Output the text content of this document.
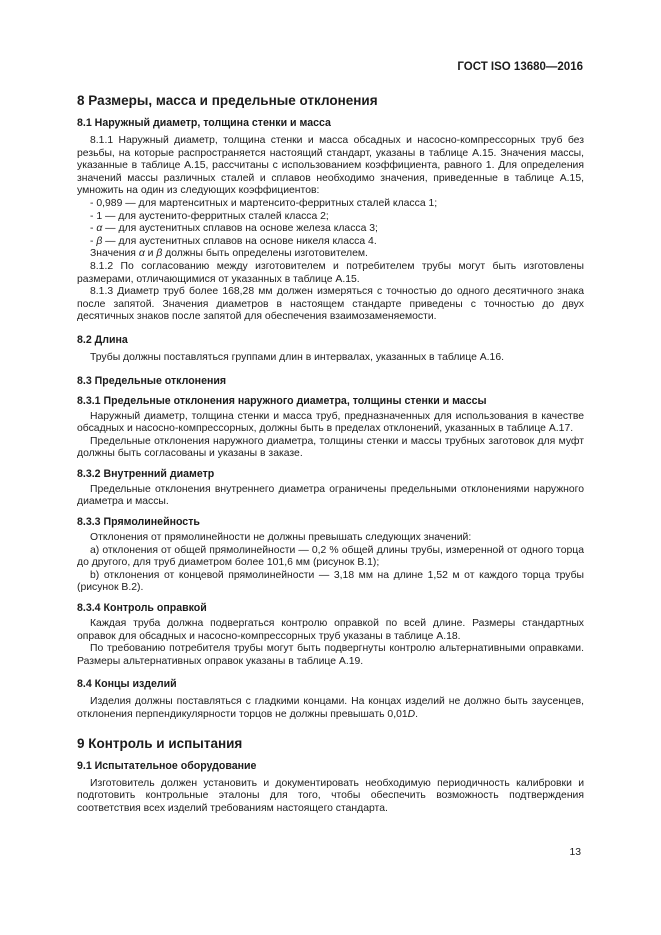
ГОСТ ISO 13680—2016
8 Размеры, масса и предельные отклонения
8.1 Наружный диаметр, толщина стенки и масса

8.1.1 Наружный диаметр, толщина стенки и масса обсадных и насосно-компрессорных труб без резьбы, на которые распространяется настоящий стандарт, указаны в таблице А.15. Значения массы, указанные в таблице А.15, рассчитаны с использованием коэффициента, равного 1. Для определения значений массы различных сталей и сплавов необходимо значения, приведенные в таблице А.15, умножить на один из следующих коэффициентов:

- 0,989 — для мартенситных и мартенсито-ферритных сталей класса 1;

- 1 — для аустенито-ферритных сталей класса 2;

- α — для аустенитных сплавов на основе железа класса 3;

- β — для аустенитных сплавов на основе никеля класса 4.

Значения α и β должны быть определены изготовителем.

8.1.2 По согласованию между изготовителем и потребителем трубы могут быть изготовлены размерами, отличающимися от указанных в таблице А.15.

8.1.3 Диаметр труб более 168,28 мм должен измеряться с точностью до одного десятичного знака после запятой. Значения диаметров в настоящем стандарте приведены с точностью до двух десятичных знаков после запятой для обеспечения взаимозаменяемости.

8.2 Длина

Трубы должны поставляться группами длин в интервалах, указанных в таблице А.16.

8.3 Предельные отклонения
8.3.1 Предельные отклонения наружного диаметра, толщины стенки и массы

Наружный диаметр, толщина стенки и масса труб, предназначенных для использования в качестве обсадных и насосно-компрессорных, должны быть в пределах отклонений, указанных в таблице А.17.

Предельные отклонения наружного диаметра, толщины стенки и массы трубных заготовок для муфт должны быть согласованы и указаны в заказе.

8.3.2 Внутренний диаметр

Предельные отклонения внутреннего диаметра ограничены предельными отклонениями наружного диаметра и массы.

8.3.3 Прямолинейность

Отклонения от прямолинейности не должны превышать следующих значений:

a) отклонения от общей прямолинейности — 0,2 % общей длины трубы, измеренной от одного торца до другого, для труб диаметром более 101,6 мм (рисунок В.1);

b) отклонения от концевой прямолинейности — 3,18 мм на длине 1,52 м от каждого торца трубы (рисунок В.2).

8.3.4 Контроль оправкой

Каждая труба должна подвергаться контролю оправкой по всей длине. Размеры стандартных оправок для обсадных и насосно-компрессорных труб указаны в таблице А.18.

По требованию потребителя трубы могут быть подвергнуты контролю альтернативными оправками. Размеры альтернативных оправок указаны в таблице А.19.

8.4 Концы изделий

Изделия должны поставляться с гладкими концами. На концах изделий не должно быть заусенцев, отклонения перпендикулярности торцов не должны превышать 0,01D.

9 Контроль и испытания
9.1 Испытательное оборудование

Изготовитель должен установить и документировать необходимую периодичность калибровки и подготовить контрольные эталоны для того, чтобы обеспечить возможность подтверждения соответствия всех изделий требованиям настоящего стандарта.

13
